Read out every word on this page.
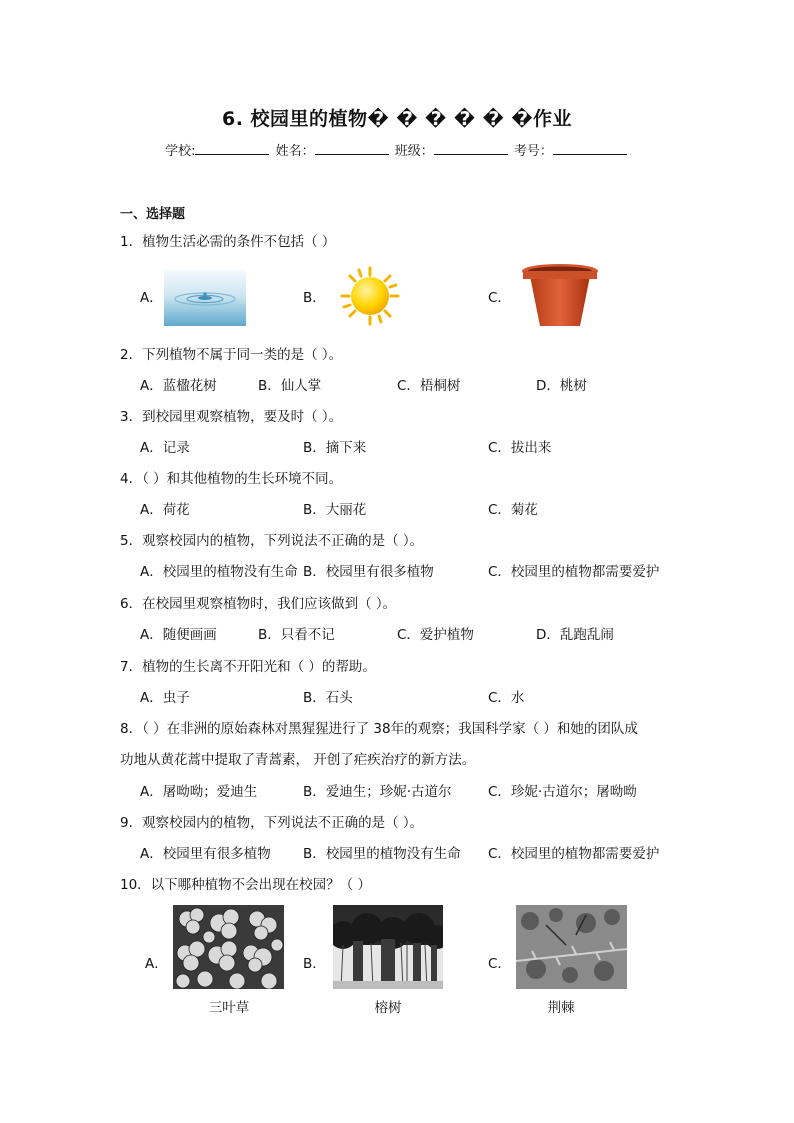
6. 校园里的植物� � � � � �作业
学校:	姓名：	班级：	考号：
一、选择题
1．植物生活必需的条件不包括（ ）
A．	B．	C．
2．下列植物不属于同一类的是（ ）。
A．蓝楹花树	B．仙人掌	C．梧桐树	D．桃树
3．到校园里观察植物，要及时（ ）。
A．记录	B．摘下来	C．拔出来
4．（ ）和其他植物的生长环境不同。
A．荷花	B．大丽花	C．菊花
5．观察校园内的植物，下列说法不正确的是（ ）。
A．校园里的植物没有生命 B．校园里有很多植物	C．校园里的植物都需要爱护
6．在校园里观察植物时，我们应该做到（ ）。
A．随便画画	B．只看不记	C．爱护植物	D．乱跑乱闹
7．植物的生长离不开阳光和（ ）的帮助。
A．虫子	B．石头	C．水
8．（ ）在非洲的原始森林对黑猩猩进行了 38年的观察；我国科学家（ ）和她的团队成
功地从黄花蒿中提取了青蒿素， 开创了疟疾治疗的新方法。
A．屠呦呦；爱迪生	B．爱迪生；珍妮·古道尔	C．珍妮·古道尔；屠呦呦
9．观察校园内的植物，下列说法不正确的是（ ）。
A．校园里有很多植物 B．校园里的植物没有生命 C．校园里的植物都需要爱护
10．以下哪种植物不会出现在校园？（ ）
A．
三叶草
B．
榕树
C．
荆棘
